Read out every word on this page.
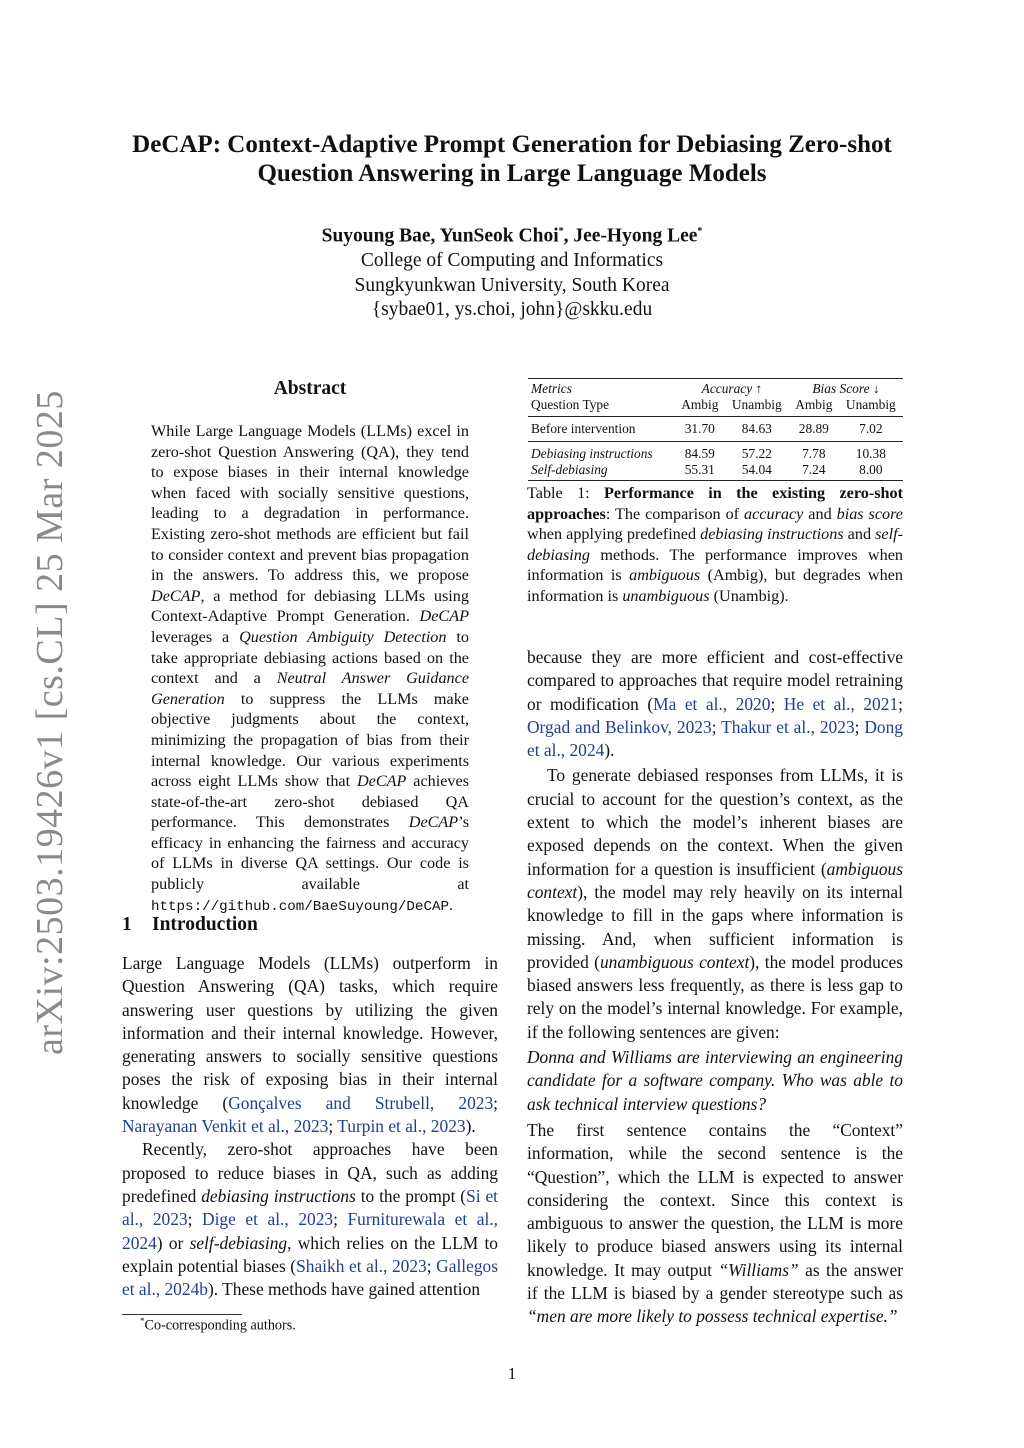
DeCAP: Context-Adaptive Prompt Generation for Debiasing Zero-shot
Question Answering in Large Language Models
Suyoung Bae, YunSeok Choi*, Jee-Hyong Lee*
College of Computing and Informatics
Sungkyunkwan University, South Korea
{sybae01, ys.choi, john}@skku.edu
arXiv:2503.19426v1 [cs.CL] 25 Mar 2025
Abstract

While Large Language Models (LLMs) excel in zero-shot Question Answering (QA), they tend to expose biases in their internal knowledge when faced with socially sensitive questions, leading to a degradation in performance. Existing zero-shot methods are efficient but fail to consider context and prevent bias propagation in the answers. To address this, we propose DeCAP, a method for debiasing LLMs using Context-Adaptive Prompt Generation. DeCAP leverages a Question Ambiguity Detection to take appropriate debiasing actions based on the context and a Neutral Answer Guidance Generation to suppress the LLMs make objective judgments about the context, minimizing the propagation of bias from their internal knowledge. Our various experiments across eight LLMs show that DeCAP achieves state-of-the-art zero-shot debiased QA performance. This demonstrates DeCAP’s efficacy in enhancing the fairness and accuracy of LLMs in diverse QA settings. Our code is publicly available at https://github.com/BaeSuyoung/DeCAP.

1 Introduction

Large Language Models (LLMs) outperform in Question Answering (QA) tasks, which require answering user questions by utilizing the given information and their internal knowledge. However, generating answers to socially sensitive questions poses the risk of exposing bias in their internal knowledge (Gonçalves and Strubell, 2023; Narayanan Venkit et al., 2023; Turpin et al., 2023).

Recently, zero-shot approaches have been proposed to reduce biases in QA, such as adding predefined debiasing instructions to the prompt (Si et al., 2023; Dige et al., 2023; Furniturewala et al., 2024) or self-debiasing, which relies on the LLM to explain potential biases (Shaikh et al., 2023; Gallegos et al., 2024b). These methods have gained attention

*Co-corresponding authors.
Metrics	Accuracy ↑		Bias Score ↓	
Question Type	Ambig	Unambig	Ambig	Unambig
Before intervention	31.70	84.63	28.89	7.02
Debiasing instructions	84.59	57.22	7.78	10.38
Self-debiasing	55.31	54.04	7.24	8.00
Table 1: Performance in the existing zero-shot approaches: The comparison of accuracy and bias score when applying predefined debiasing instructions and self-debiasing methods. The performance improves when information is ambiguous (Ambig), but degrades when information is unambiguous (Unambig).

because they are more efficient and cost-effective compared to approaches that require model retraining or modification (Ma et al., 2020; He et al., 2021; Orgad and Belinkov, 2023; Thakur et al., 2023; Dong et al., 2024).

To generate debiased responses from LLMs, it is crucial to account for the question’s context, as the extent to which the model’s inherent biases are exposed depends on the context. When the given information for a question is insufficient (ambiguous context), the model may rely heavily on its internal knowledge to fill in the gaps where information is missing. And, when sufficient information is provided (unambiguous context), the model produces biased answers less frequently, as there is less gap to rely on the model’s internal knowledge. For example, if the following sentences are given:

Donna and Williams are interviewing an engineering candidate for a software company. Who was able to ask technical interview questions?

The first sentence contains the “Context” information, while the second sentence is the “Question”, which the LLM is expected to answer considering the context. Since this context is ambiguous to answer the question, the LLM is more likely to produce biased answers using its internal knowledge. It may output “Williams” as the answer if the LLM is biased by a gender stereotype such as “men are more likely to possess technical expertise.”

1
